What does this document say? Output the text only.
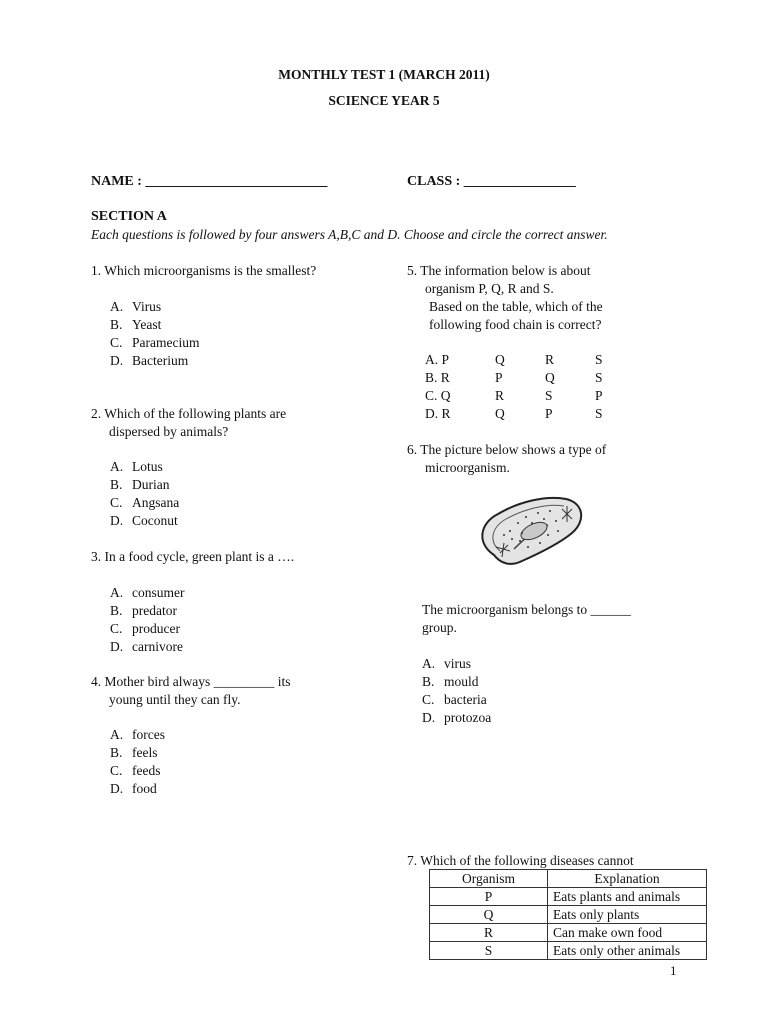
MONTHLY TEST 1 (MARCH 2011)
SCIENCE YEAR 5
NAME : __________________________	CLASS : ________________
SECTION A
Each questions is followed by four answers A,B,C and D. Choose and circle the correct answer.
1. Which microorganisms is the smallest?
A. Virus
B. Yeast
C. Paramecium
D. Bacterium
2. Which of the following plants are
dispersed by animals?
A. Lotus
B. Durian
C. Angsana
D. Coconut
3. In a food cycle, green plant is a ….
A. consumer
B. predator
C. producer
D. carnivore
4. Mother bird always _________ its
young until they can fly.
A. forces
B. feels
C. feeds
D. food
5. The information below is about
organism P, Q, R and S.
Based on the table, which of the
following food chain is correct?
A. P	Q	R	S
B. R	P	Q	S
C. Q	R	S	P
D. R	Q	P	S
6. The picture below shows a type of
microorganism.
The microorganism belongs to ______
group.
A. virus
B. mould
C. bacteria
D. protozoa
7. Which of the following diseases cannot
Organism	Explanation
P	Eats plants and animals
Q	Eats only plants
R	Can make own food
S	Eats only other animals
1
